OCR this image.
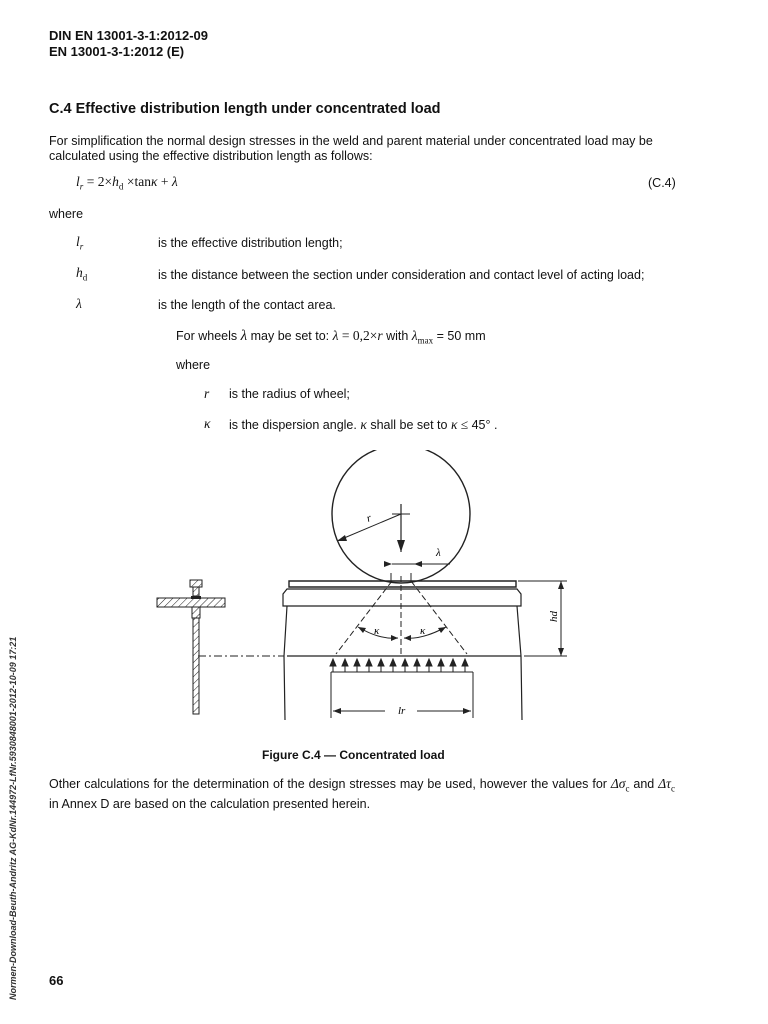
DIN EN 13001-3-1:2012-09
EN 13001-3-1:2012 (E)
C.4 Effective distribution length under concentrated load
For simplification the normal design stresses in the weld and parent material under concentrated load may be calculated using the effective distribution length as follows:
$l_r = 2\times h_d \times\tan\kappa + \lambda$	(C.4)
where
$l_r$	is the effective distribution length;
$h_d$	is the distance between the section under consideration and contact level of acting load;
λ	is the length of the contact area.
For wheels λ may be set to: λ = 0,2×r with $\lambda_{max} = 50$ mm
where
r is the radius of wheel;
κ is the dispersion angle. κ shall be set to κ ≤ 45° .
λ
r
κ	κ
hd
lr
Figure C.4 — Concentrated load
Other calculations for the determination of the design stresses may be used, however the values for $\Delta\sigma_c$ and $\Delta\tau_c$ in Annex D are based on the calculation presented herein.
Normen-Download-Beuth-Andritz AG-KdNr.144972-LfNr.5930848001-2012-10-09 17:21 66
